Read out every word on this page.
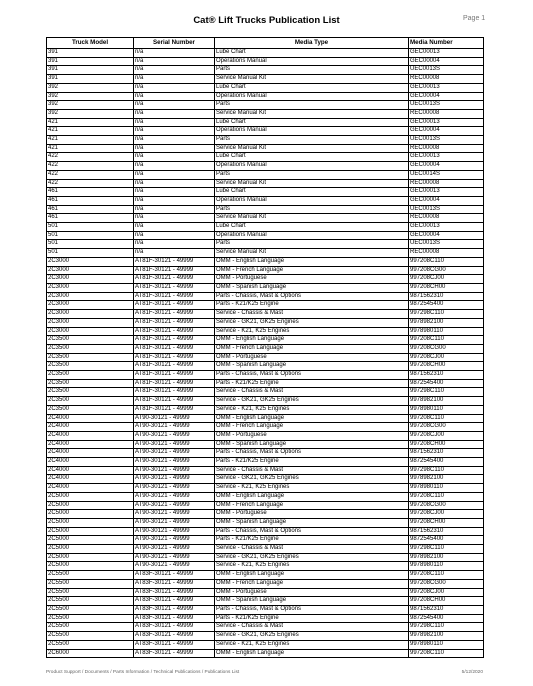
Cat® Lift Trucks Publication List	Page 1
Truck Model	Serial Number	Media Type	Media Number
391	n/a	Lube Chart	GEC00013
391	n/a	Operations Manual	GEC00004
391	n/a	Parts	UEC0013S
391	n/a	Service Manual Kit	REC00008
392	n/a	Lube Chart	GEC00013
392	n/a	Operations Manual	GEC00004
392	n/a	Parts	UEC0013S
392	n/a	Service Manual Kit	REC00008
421	n/a	Lube Chart	GEC00013
421	n/a	Operations Manual	GEC00004
421	n/a	Parts	UEC0013S
421	n/a	Service Manual Kit	REC00008
422	n/a	Lube Chart	GEC00013
422	n/a	Operations Manual	GEC00004
422	n/a	Parts	UEC0014S
422	n/a	Service Manual Kit	REC00008
461	n/a	Lube Chart	GEC00013
461	n/a	Operations Manual	GEC00004
461	n/a	Parts	UEC0013S
461	n/a	Service Manual Kit	REC00008
501	n/a	Lube Chart	GEC00013
501	n/a	Operations Manual	GEC00004
501	n/a	Parts	UEC0013S
501	n/a	Service Manual Kit	REC00008
2C3000	AT81F-30121 - 49999	OMM - English Language	997208C110
2C3000	AT81F-30121 - 49999	OMM - French Language	997208CG00
2C3000	AT81F-30121 - 49999	OMM - Portuguese	997208CJ00
2C3000	AT81F-30121 - 49999	OMM - Spanish Language	997208CH00
2C3000	AT81F-30121 - 49999	Parts - Chassis, Mast & Options	9871562310
2C3000	AT81F-30121 - 49999	Parts - K21/K25 Engine	9872545400
2C3000	AT81F-30121 - 49999	Service - Chassis & Mast	997298C110
2C3000	AT81F-30121 - 49999	Service - GK21, GK25 Engines	9978982100
2C3000	AT81F-30121 - 49999	Service - K21, K25 Engines	9978980110
2C3500	AT81F-30121 - 49999	OMM - English Language	997208C110
2C3500	AT81F-30121 - 49999	OMM - French Language	997208CG00
2C3500	AT81F-30121 - 49999	OMM - Portuguese	997208CJ00
2C3500	AT81F-30121 - 49999	OMM - Spanish Language	997208CH00
2C3500	AT81F-30121 - 49999	Parts - Chassis, Mast & Options	9871562310
2C3500	AT81F-30121 - 49999	Parts - K21/K25 Engine	9872545400
2C3500	AT81F-30121 - 49999	Service - Chassis & Mast	997298C110
2C3500	AT81F-30121 - 49999	Service - GK21, GK25 Engines	9978982100
2C3500	AT81F-30121 - 49999	Service - K21, K25 Engines	9978980110
2C4000	AT90-30121 - 49999	OMM - English Language	997208C110
2C4000	AT90-30121 - 49999	OMM - French Language	997208CG00
2C4000	AT90-30121 - 49999	OMM - Portuguese	997208CJ00
2C4000	AT90-30121 - 49999	OMM - Spanish Language	997208CH00
2C4000	AT90-30121 - 49999	Parts - Chassis, Mast & Options	9871562310
2C4000	AT90-30121 - 49999	Parts - K21/K25 Engine	9872545400
2C4000	AT90-30121 - 49999	Service - Chassis & Mast	997298C110
2C4000	AT90-30121 - 49999	Service - GK21, GK25 Engines	9978982100
2C4000	AT90-30121 - 49999	Service - K21, K25 Engines	9978980110
2C5000	AT90-30121 - 49999	OMM - English Language	997208C110
2C5000	AT90-30121 - 49999	OMM - French Language	997208CG00
2C5000	AT90-30121 - 49999	OMM - Portuguese	997208CJ00
2C5000	AT90-30121 - 49999	OMM - Spanish Language	997208CH00
2C5000	AT90-30121 - 49999	Parts - Chassis, Mast & Options	9871562310
2C5000	AT90-30121 - 49999	Parts - K21/K25 Engine	9872545400
2C5000	AT90-30121 - 49999	Service - Chassis & Mast	997298C110
2C5000	AT90-30121 - 49999	Service - GK21, GK25 Engines	9978982100
2C5000	AT90-30121 - 49999	Service - K21, K25 Engines	9978980110
2C5500	AT83F-30121 - 49999	OMM - English Language	997208C110
2C5500	AT83F-30121 - 49999	OMM - French Language	997208CG00
2C5500	AT83F-30121 - 49999	OMM - Portuguese	997208CJ00
2C5500	AT83F-30121 - 49999	OMM - Spanish Language	997208CH00
2C5500	AT83F-30121 - 49999	Parts - Chassis, Mast & Options	9871562310
2C5500	AT83F-30121 - 49999	Parts - K21/K25 Engine	9872545400
2C5500	AT83F-30121 - 49999	Service - Chassis & Mast	997298C110
2C5500	AT83F-30121 - 49999	Service - GK21, GK25 Engines	9978982100
2C5500	AT83F-30121 - 49999	Service - K21, K25 Engines	9978980110
2C6000	AT83F-30121 - 49999	OMM - English Language	997208C110
Product Support / Documents / Parts Information / Technical Publications / Publications List	5/12/2020
